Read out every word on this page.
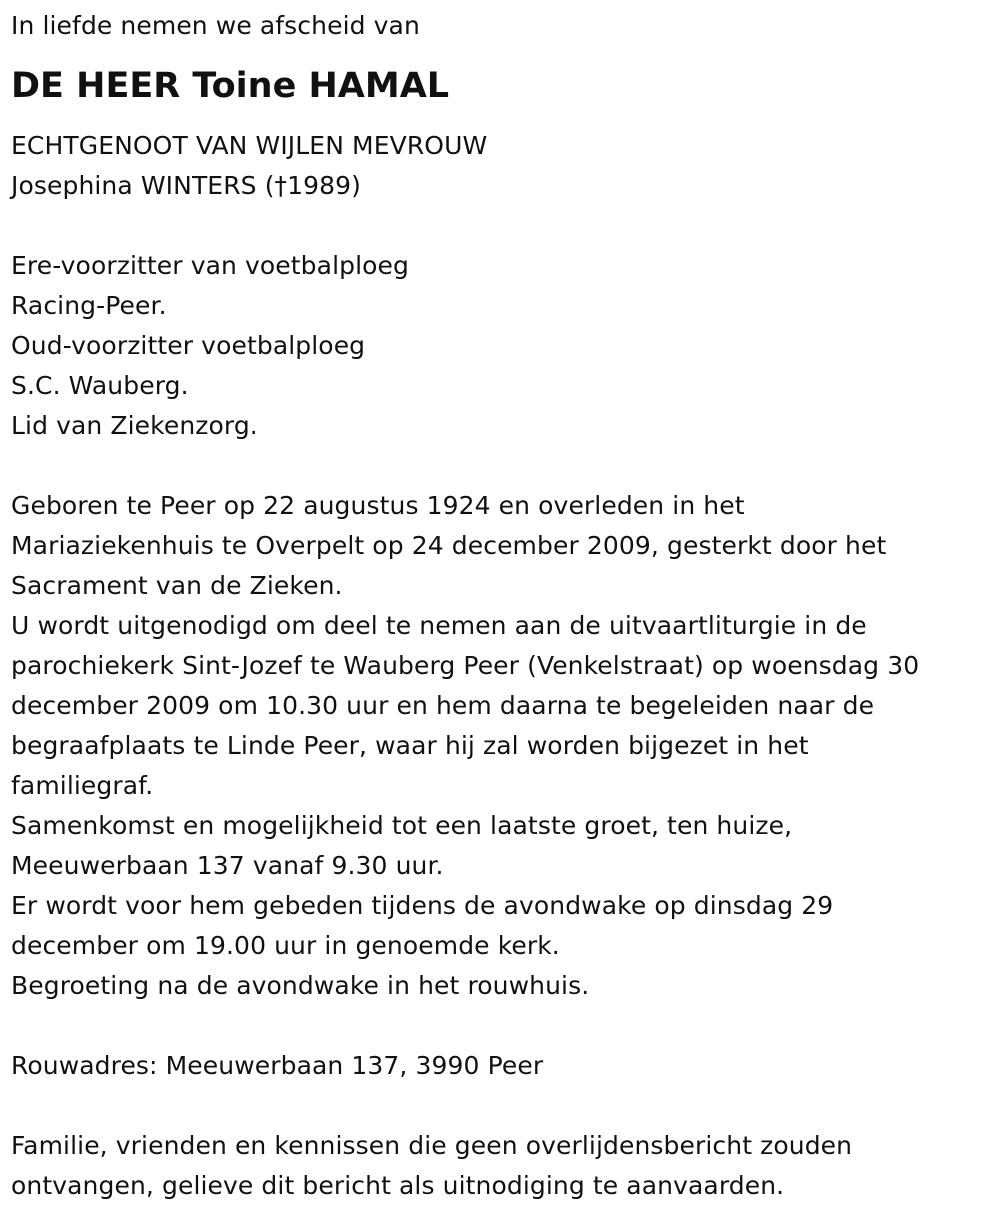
In liefde nemen we afscheid van
DE HEER Toine HAMAL
ECHTGENOOT VAN WIJLEN MEVROUW
Josephina WINTERS (†1989)
Ere-voorzitter van voetbalploeg
Racing-Peer.
Oud-voorzitter voetbalploeg
S.C. Wauberg.
Lid van Ziekenzorg.
Geboren te Peer op 22 augustus 1924 en overleden in het
Mariaziekenhuis te Overpelt op 24 december 2009, gesterkt door het
Sacrament van de Zieken.
U wordt uitgenodigd om deel te nemen aan de uitvaartliturgie in de
parochiekerk Sint-Jozef te Wauberg Peer (Venkelstraat) op woensdag 30
december 2009 om 10.30 uur en hem daarna te begeleiden naar de
begraafplaats te Linde Peer, waar hij zal worden bijgezet in het
familiegraf.
Samenkomst en mogelijkheid tot een laatste groet, ten huize,
Meeuwerbaan 137 vanaf 9.30 uur.
Er wordt voor hem gebeden tijdens de avondwake op dinsdag 29
december om 19.00 uur in genoemde kerk.
Begroeting na de avondwake in het rouwhuis.
Rouwadres: Meeuwerbaan 137, 3990 Peer
Familie, vrienden en kennissen die geen overlijdensbericht zouden
ontvangen, gelieve dit bericht als uitnodiging te aanvaarden.
